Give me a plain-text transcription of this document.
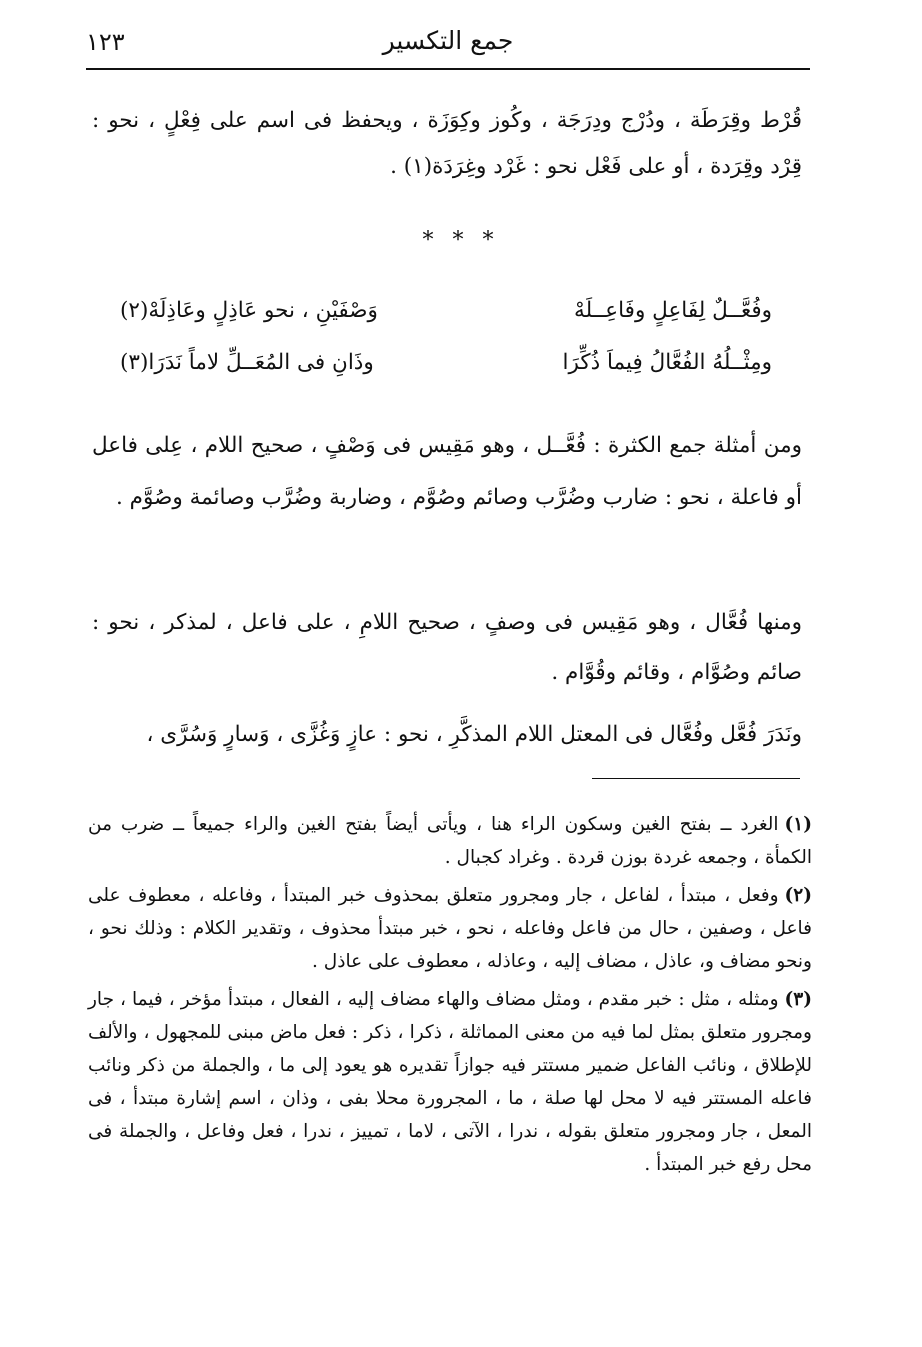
١٢٣	جمع التكسير

قُرْط وقِرَطَة ، ودُرْج ودِرَجَة ، وكُوز وكِوَزَة ، ويحفظ فى اسم على فِعْلٍ ، نحو : قِرْد وقِرَدة ، أو على فَعْل نحو : غَرْد وغِرَدَة(١) .

* * *
وفُعَّــلٌ لِفَاعِلٍ وفَاعِــلَهْ
وَصْفَيْنِ ، نحو عَاذِلٍ وعَاذِلَهْ(٢)
ومِثْــلُهُ الفُعَّالُ فِيماَ ذُكِّرَا
وذَانِ فى المُعَــلِّ لاماً نَدَرَا(٣)

ومن أمثلة جمع الكثرة : فُعَّــل ، وهو مَقِيس فى وَصْفٍ ، صحيح اللام ، عِلى فاعل أو فاعلة ، نحو : ضارب وضُرَّب وصائم وصُوَّم ، وضاربة وضُرَّب وصائمة وصُوَّم .

ومنها فُعَّال ، وهو مَقِيس فى وصفٍ ، صحيح اللامِ ، على فاعل ، لمذكر ، نحو : صائم وصُوَّام ، وقائم وقُوَّام .

ونَدَرَ فُعَّل وفُعَّال فى المعتل اللام المذكَّرِ ، نحو : عازٍ وَغُزَّى ، وَسارٍ وَسُرَّى ،

(١)الغرد ــ بفتح الغين وسكون الراء هنا ، ويأتى أيضاً بفتح الغين والراء جميعاً ــ ضرب من الكمأة ، وجمعه غردة بوزن قردة . وغراد كجبال .

(٢)وفعل ، مبتدأ ، لفاعل ، جار ومجرور متعلق بمحذوف خبر المبتدأ ، وفاعله ، معطوف على فاعل ، وصفين ، حال من فاعل وفاعله ، نحو ، خبر مبتدأ محذوف ، وتقدير الكلام : وذلك نحو ، ونحو مضاف و، عاذل ، مضاف إليه ، وعاذله ، معطوف على عاذل .

(٣)ومثله ، مثل : خبر مقدم ، ومثل مضاف والهاء مضاف إليه ، الفعال ، مبتدأ مؤخر ، فيما ، جار ومجرور متعلق بمثل لما فيه من معنى المماثلة ، ذكرا ، ذكر : فعل ماض مبنى للمجهول ، والألف للإطلاق ، ونائب الفاعل ضمير مستتر فيه جوازاً تقديره هو يعود إلى ما ، والجملة من ذكر ونائب فاعله المستتر فيه لا محل لها صلة ، ما ، المجرورة محلا بفى ، وذان ، اسم إشارة مبتدأ ، فى المعل ، جار ومجرور متعلق بقوله ، ندرا ، الآتى ، لاما ، تمييز ، ندرا ، فعل وفاعل ، والجملة فى محل رفع خبر المبتدأ .
